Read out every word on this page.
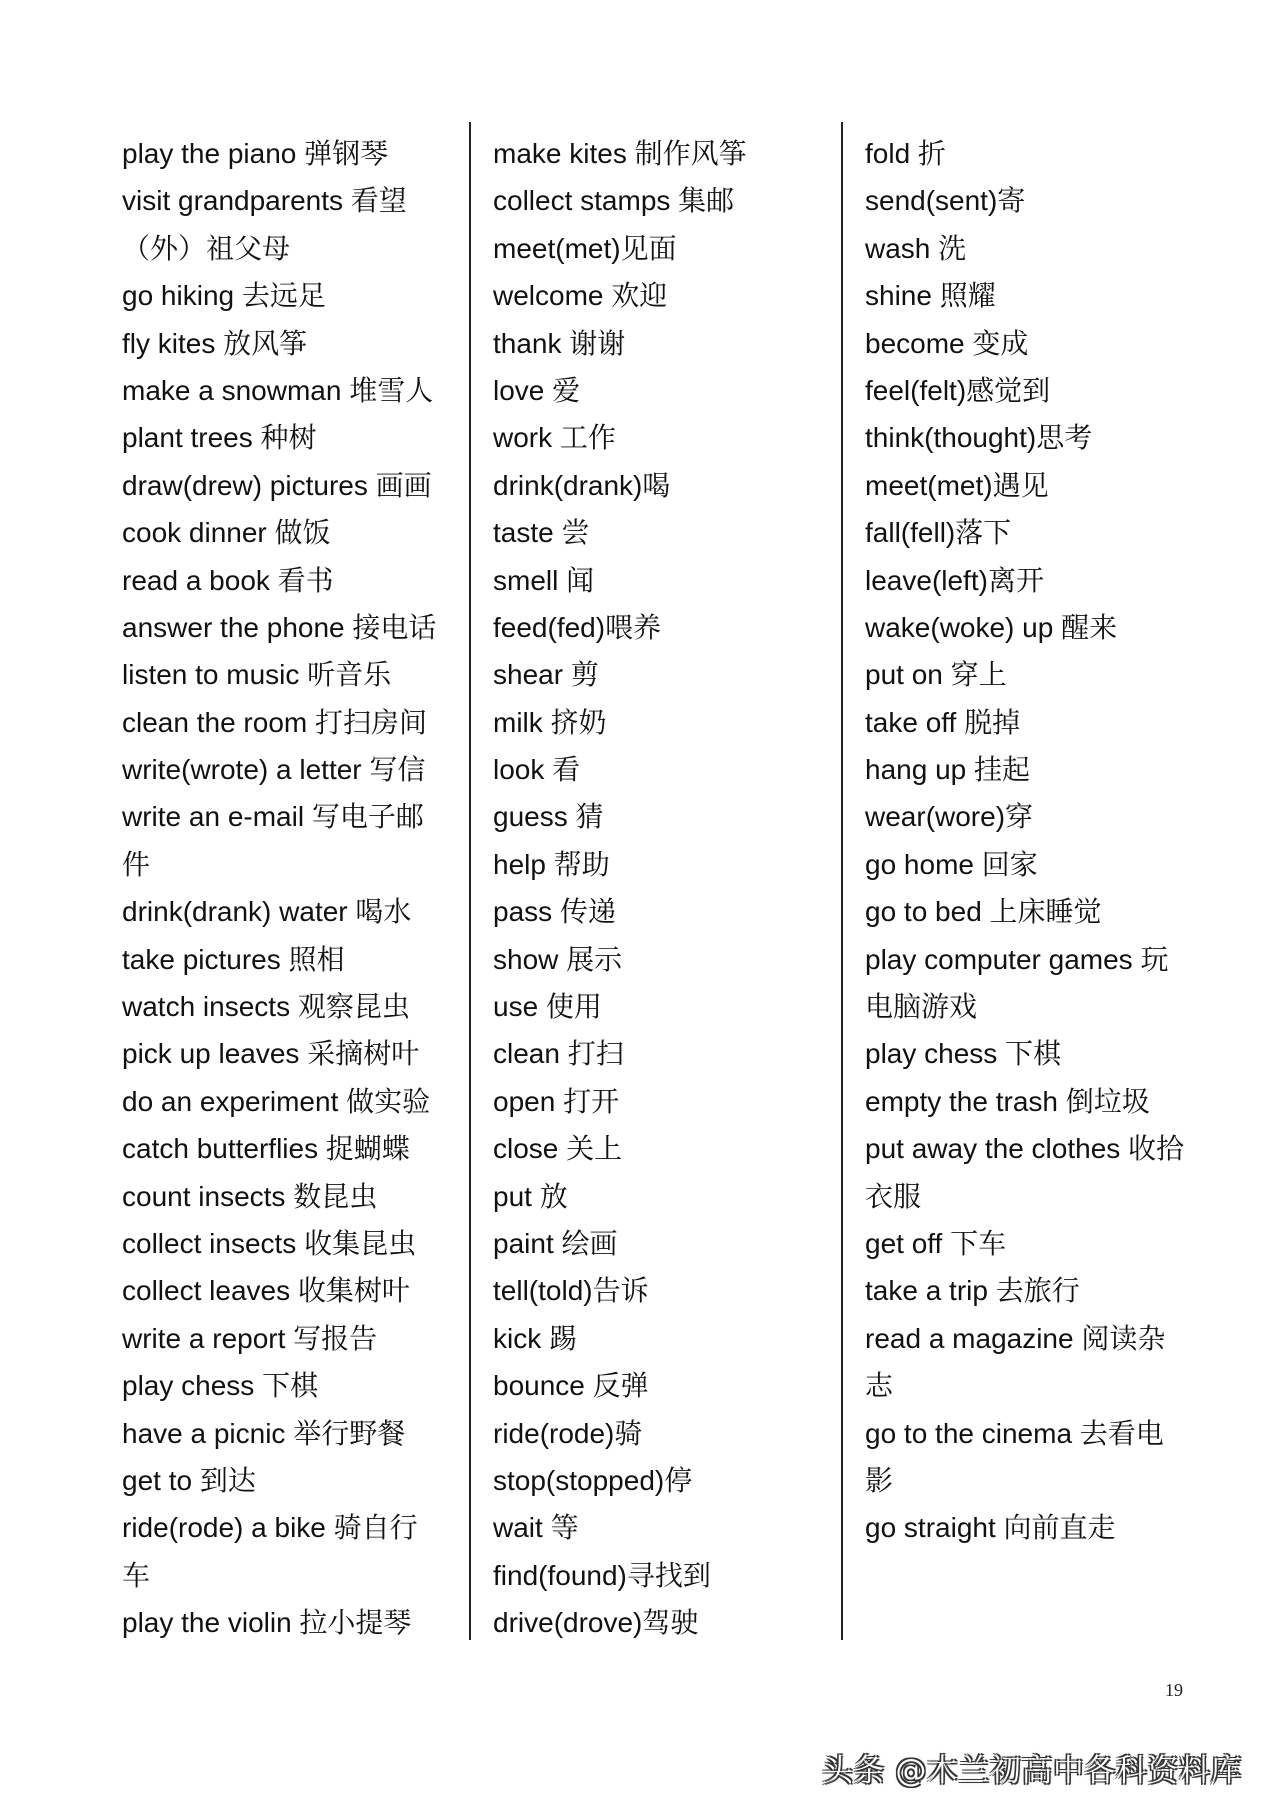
play the piano 弹钢琴
visit grandparents 看望
（外）祖父母
go hiking 去远足
fly kites 放风筝
make a snowman 堆雪人
plant trees 种树
draw(drew) pictures 画画
cook dinner 做饭
read a book 看书
answer the phone 接电话
listen to music 听音乐
clean the room 打扫房间
write(wrote) a letter 写信
write an e-mail 写电子邮
件
drink(drank) water 喝水
take pictures 照相
watch insects 观察昆虫
pick up leaves 采摘树叶
do an experiment 做实验
catch butterflies 捉蝴蝶
count insects 数昆虫
collect insects 收集昆虫
collect leaves 收集树叶
write a report 写报告
play chess 下棋
have a picnic 举行野餐
get to 到达
ride(rode) a bike 骑自行
车
play the violin 拉小提琴
make kites 制作风筝
collect stamps 集邮
meet(met)见面
welcome 欢迎
thank 谢谢
love 爱
work 工作
drink(drank)喝
taste 尝
smell 闻
feed(fed)喂养
shear 剪
milk 挤奶
look 看
guess 猜
help 帮助
pass 传递
show 展示
use 使用
clean 打扫
open 打开
close 关上
put 放
paint 绘画
tell(told)告诉
kick 踢
bounce 反弹
ride(rode)骑
stop(stopped)停
wait 等
find(found)寻找到
drive(drove)驾驶
fold 折
send(sent)寄
wash 洗
shine 照耀
become 变成
feel(felt)感觉到
think(thought)思考
meet(met)遇见
fall(fell)落下
leave(left)离开
wake(woke) up 醒来
put on 穿上
take off 脱掉
hang up 挂起
wear(wore)穿
go home 回家
go to bed 上床睡觉
play computer games 玩
电脑游戏
play chess 下棋
empty the trash 倒垃圾
put away the clothes 收拾
衣服
get off 下车
take a trip 去旅行
read a magazine 阅读杂
志
go to the cinema 去看电
影
go straight 向前直走
19
头条 @木兰初高中各科资料库
